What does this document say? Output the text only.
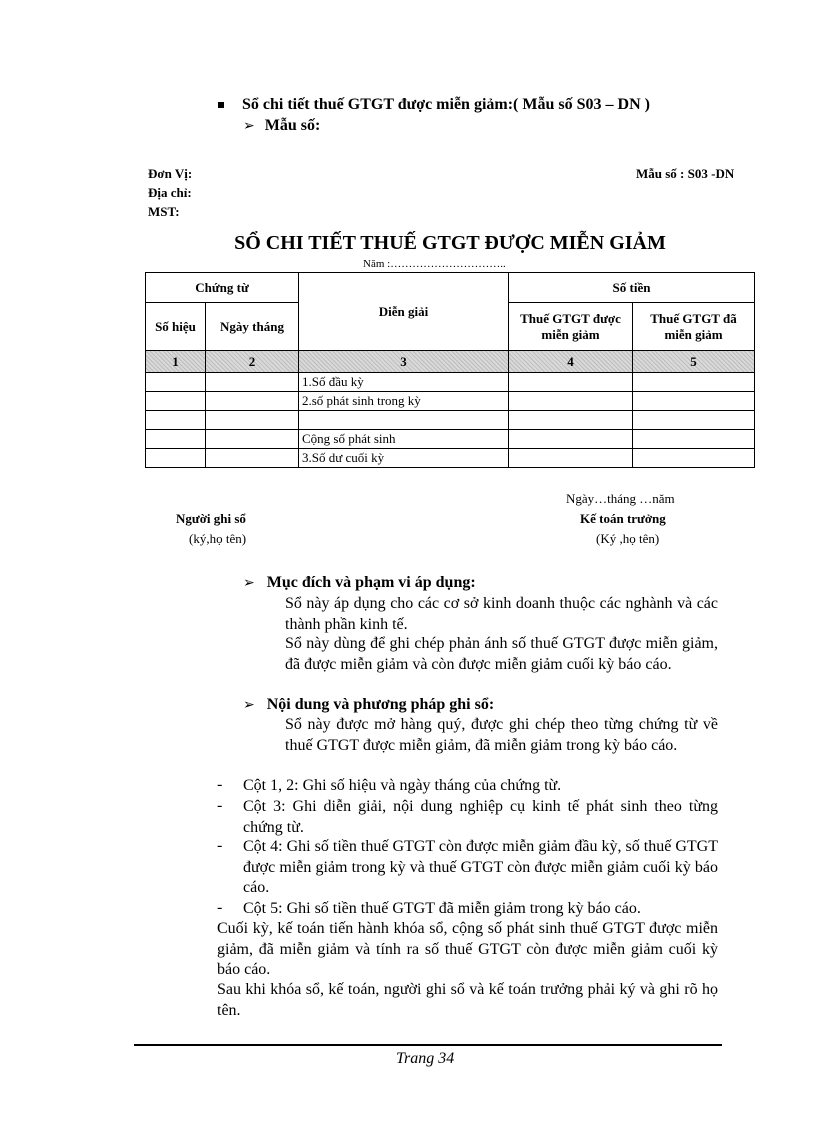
Sổ chi tiết thuế GTGT được miễn giảm:( Mẫu số S03 – DN )
➢ Mẫu số:
Đơn Vị:
Địa chỉ:
MST:
Mẫu số : S03 -DN
SỔ CHI TIẾT THUẾ GTGT ĐƯỢC MIỄN GIẢM
Năm :…………………………..
Chứng từ		Diễn giải	Số tiền	
Số hiệu	Ngày tháng		Thuế GTGT được miễn giảm	Thuế GTGT đã miễn giảm
1	2	3	4	5
		1.Số đầu kỳ		
		2.số phát sinh trong kỳ		

		Cộng số phát sinh		
		3.Số dư cuối kỳ		
Ngày…tháng …năm
Người ghi sổ
(ký,họ tên)
Kế toán trưởng
(Ký ,họ tên)
➢ Mục đích và phạm vi áp dụng:
Sổ này áp dụng cho các cơ sở kinh doanh thuộc các nghành và các thành phần kinh tế.
Sổ này dùng để ghi chép phản ánh số thuế GTGT được miễn giảm, đã được miễn giảm và còn được miễn giảm cuối kỳ báo cáo.
➢ Nội dung và phương pháp ghi sổ:
Sổ này được mở hàng quý, được ghi chép theo từng chứng từ về thuế GTGT được miễn giảm, đã miễn giảm trong kỳ báo cáo.
- Cột 1, 2: Ghi số hiệu và ngày tháng của chứng từ.
- Cột 3: Ghi diễn giải, nội dung nghiệp cụ kinh tế phát sinh theo từng chứng từ.
- Cột 4: Ghi số tiền thuế GTGT còn được miễn giảm đầu kỳ, số thuế GTGT được miễn giảm trong kỳ và thuế GTGT còn được miễn giảm cuối kỳ báo cáo.
- Cột 5: Ghi số tiền thuế GTGT đã miễn giảm trong kỳ báo cáo.
Cuối kỳ, kế toán tiến hành khóa sổ, cộng số phát sinh thuế GTGT được miễn giảm, đã miễn giảm và tính ra số thuế GTGT còn được miễn giảm cuối kỳ báo cáo.
Sau khi khóa sổ, kế toán, người ghi sổ và kế toán trưởng phải ký và ghi rõ họ tên.
Trang 34
